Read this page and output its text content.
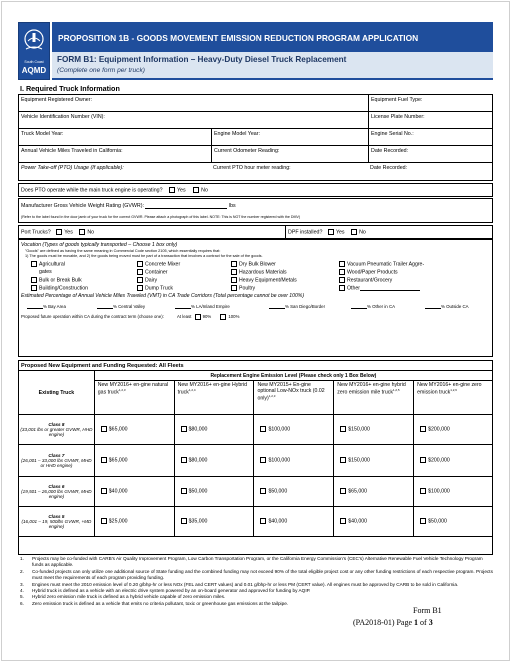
South Coast
AQMD
PROPOSITION 1B - GOODS MOVEMENT EMISSION REDUCTION PROGRAM APPLICATION
FORM B1: Equipment Information – Heavy-Duty Diesel Truck Replacement
(Complete one form per truck)
I. Required Truck Information
Equipment Registered Owner:	Equipment Fuel Type:
Vehicle Identification Number (VIN):	License Plate Number:
Truck Model Year:	Engine Model Year:	Engine Serial No.:
Annual Vehicle Miles Traveled in California:	Current Odometer Reading:	Date Recorded:
Power Take-off (PTO) Usage (If applicable):	Current PTO hour meter reading:	Date Recorded:
Does PTO operate while the main truck engine is operating?	Yes	No
Manufacturer Gross Vehicle Weight Rating (GVWR):	lbs
(Refer to the label found in the door jamb of your truck for the correct GVWR. Please attach a photograph of this label. NOTE: This is NOT the number registered with the DMV)
Port Trucks?	Yes	No	DPF installed?	Yes	No
Vocation (Types of goods typically transported – Choose 1 box only)
"Goods" are defined as having the same meaning in Commercial Code section 2105, which essentially requires that:
1) The goods must be movable, and 2) the goods being moved must be part of a transaction that involves a contract for the sale of the goods.
Agricultural	Concrete Mixer	Dry Bulk Blower	Vacuum Pneumatic Trailer Aggre-
gates	Container	Hazardous Materials	Wood/Paper Products
Bulk or Break Bulk	Dairy	Heavy Equipment/Metals	Restaurant/Grocery
Building/Construction	Dump Truck	Poultry	Other
Estimated Percentage of Annual Vehicle Miles Traveled (VMT) in CA Trade Corridors (Total percentage cannot be over 100%)
% Bay Area	% Central Valley	% LA/Inland Empire	% San Diego/Border	% Other in CA	% Outside CA
Proposed future operation within CA during the contract term (choose one):	At least	90%	100%
Proposed New Equipment and Funding Requested: All Fleets
Existing Truck	Replacement Engine Emission Level (Please check only 1 Box Below)				
	New MY2016+ en-gine natural gas truck$^{1,2,3}$	New MY2016+ en-gine Hybrid truck$^{1,2,4}$	New MY2015+ En-gine optional Low-NOx truck (0.02 only)$^{1,2,3}$	New MY2016+ en-gine hybrid zero emission mile truck$^{1,2,5}$	New MY2016+ en-gine zero emission truck$^{1,2,6}$

Class 8
(33,001 lbs or greater GVWR, HHD engine)	$65,000	$80,000	$100,000	$150,000	$200,000

Class 7
(26,001 – 33,000 lbs GVWR, MHD or HHD engine)	$65,000	$80,000	$100,000	$150,000	$200,000

Class 6
(19,501 – 26,000 lbs GVWR, MHD engine)	$40,000	$50,000	$50,000	$65,000	$100,000

Class 5
(16,001 – 19, 500lbs GVWR, +MD engine)	$25,000	$35,000	$40,000	$40,000	$50,000
1. Projects may be co-funded with CARB's Air Quality Improvement Program, Low Carbon Transportation Program, or the California Energy Commission's (CEC's) Alternative Renewable Fuel Vehicle Technology Program funds as applicable.
2. Co-funded projects can only utilize one additional source of State funding and the combined funding may not exceed 90% of the total eligible project cost or any other funding restrictions of each respective program. Projects must meet the requirements of each program providing funding.
3. Engines must meet the 2010 emission level of 0.20 g/bhp-hr or less NOx (FEL and CERT values) and 0.01 g/bhp-hr or less PM (CERT value). All engines must be approved by CARB to be sold in California.
4. Hybrid truck is defined as a vehicle with an electric drive system powered by an on-board generator and approved for funding by AQIP.
5. Hybrid zero emission mile truck is defined as a hybrid vehicle capable of zero emission miles.
6. Zero emission truck is defined as a vehicle that emits no criteria pollutant, toxic or greenhouse gas emissions at the tailpipe.
Form B1
(PA2018-01) Page 1 of 3
